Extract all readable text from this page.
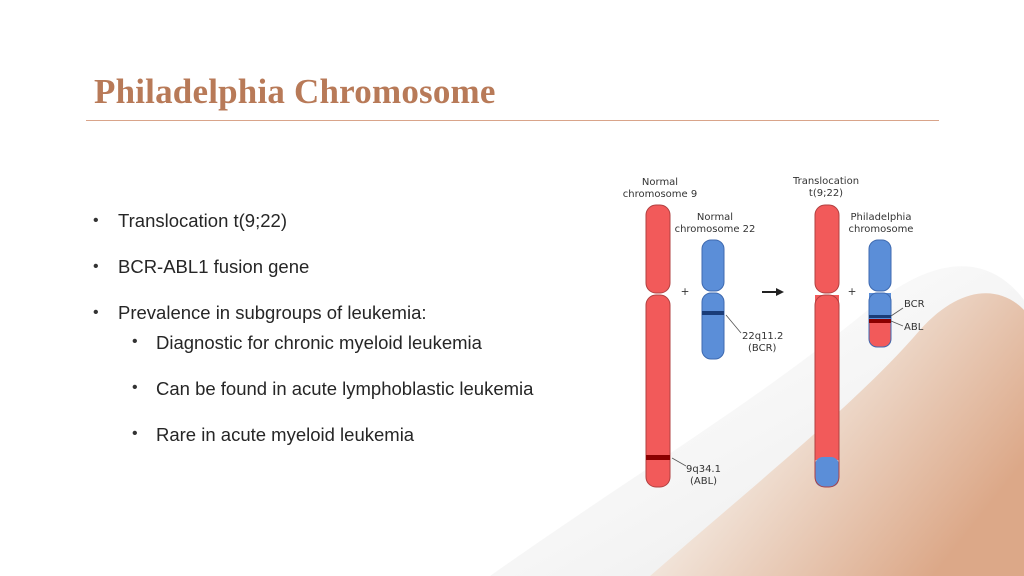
Philadelphia Chromosome
• Translocation t(9;22)
• BCR-ABL1 fusion gene
• Prevalence in subgroups of leukemia:
• Diagnostic for chronic myeloid leukemia
• Can be found in acute lymphoblastic leukemia
• Rare in acute myeloid leukemia
Normal
chromosome 9
Normal
chromosome 22
Translocation
t(9;22)
Philadelphia
chromosome
+	+
22q11.2
(BCR)
9q34.1
(ABL)
BCR
ABL
